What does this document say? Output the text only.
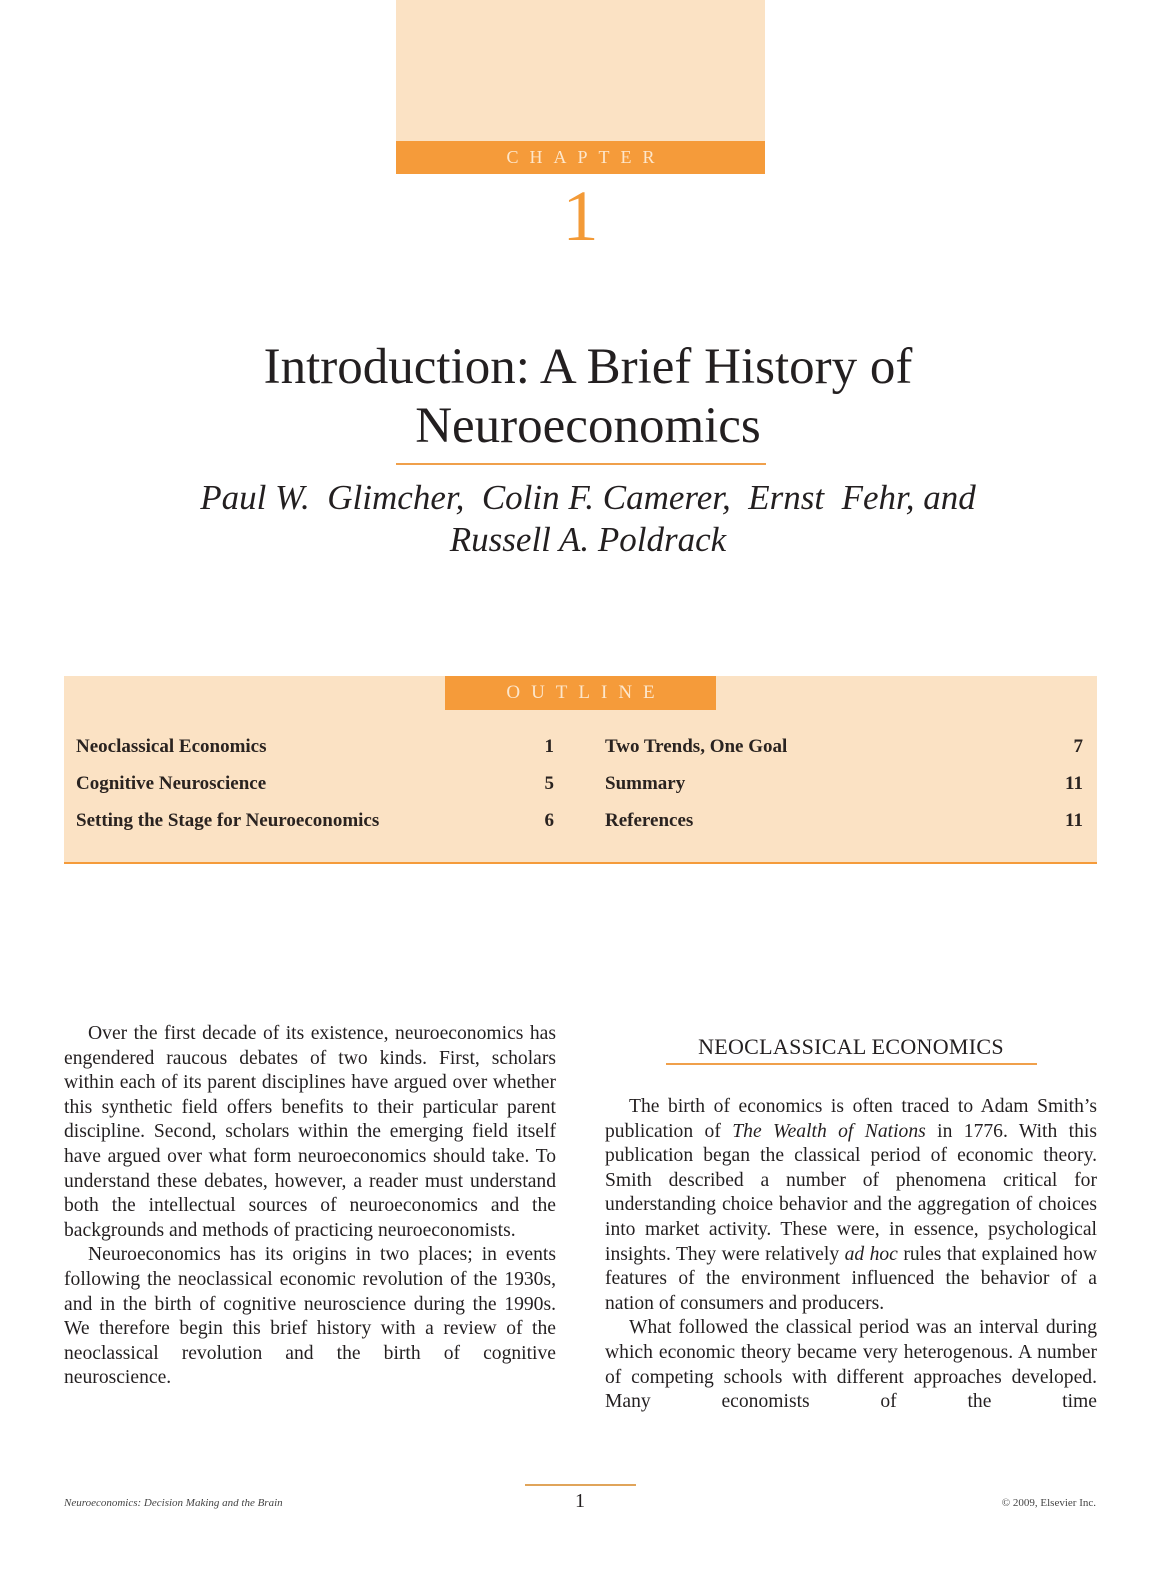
CHAPTER
1
Introduction: A Brief History of
Neuroeconomics
Paul W.  Glimcher,  Colin F. Camerer,  Ernst  Fehr, and
Russell A. Poldrack
OUTLINE
Neoclassical Economics	1
Cognitive Neuroscience	5
Setting the Stage for Neuroeconomics	6
Two Trends, One Goal	7
Summary	11
References	11

Over the first decade of its existence, neuroeconomics has engendered raucous debates of two kinds. First, scholars within each of its parent disciplines have argued over whether this synthetic field offers benefits to their particular parent discipline. Second, scholars within the emerging field itself have argued over what form neuroeconomics should take. To understand these debates, however, a reader must understand both the intellectual sources of neuroeconomics and the backgrounds and methods of practicing neuroeconomists.

Neuroeconomics has its origins in two places; in events following the neoclassical economic revolution of the 1930s, and in the birth of cognitive neuroscience during the 1990s. We therefore begin this brief history with a review of the neoclassical revolution and the birth of cognitive neuroscience.

NEOCLASSICAL ECONOMICS

The birth of economics is often traced to Adam Smith’s publication of The Wealth of Nations in 1776. With this publication began the classical period of economic theory. Smith described a number of phenomena critical for understanding choice behavior and the aggregation of choices into market activity. These were, in essence, psychological insights. They were relatively ad hoc rules that explained how features of the environment influenced the behavior of a nation of consumers and producers.

What followed the classical period was an interval during which economic theory became very heterogenous. A number of competing schools with different approaches developed. Many economists of the time

Neuroeconomics: Decision Making and the Brain	1	© 2009, Elsevier Inc.
